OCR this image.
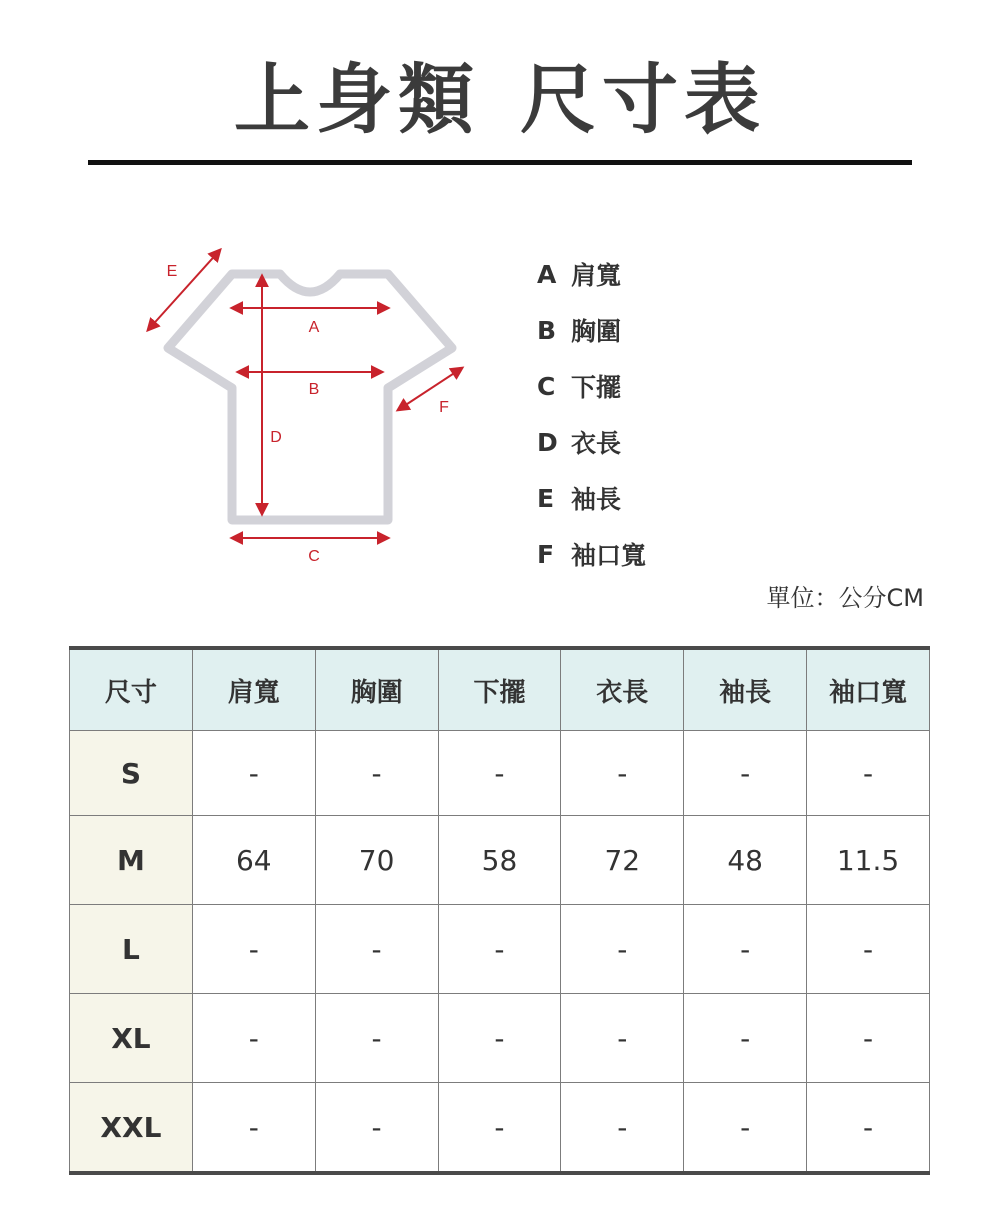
上身類 尺寸表
A
B
C
D
E
F
A 肩寬
B 胸圍
C 下擺
D 衣長
E 袖長
F 袖口寬
單位：公分CM
尺寸	肩寬	胸圍	下擺	衣長	袖長	袖口寬
S	-	-	-	-	-	-
M	64	70	58	72	48	11.5
L	-	-	-	-	-	-
XL	-	-	-	-	-	-
XXL	-	-	-	-	-	-
